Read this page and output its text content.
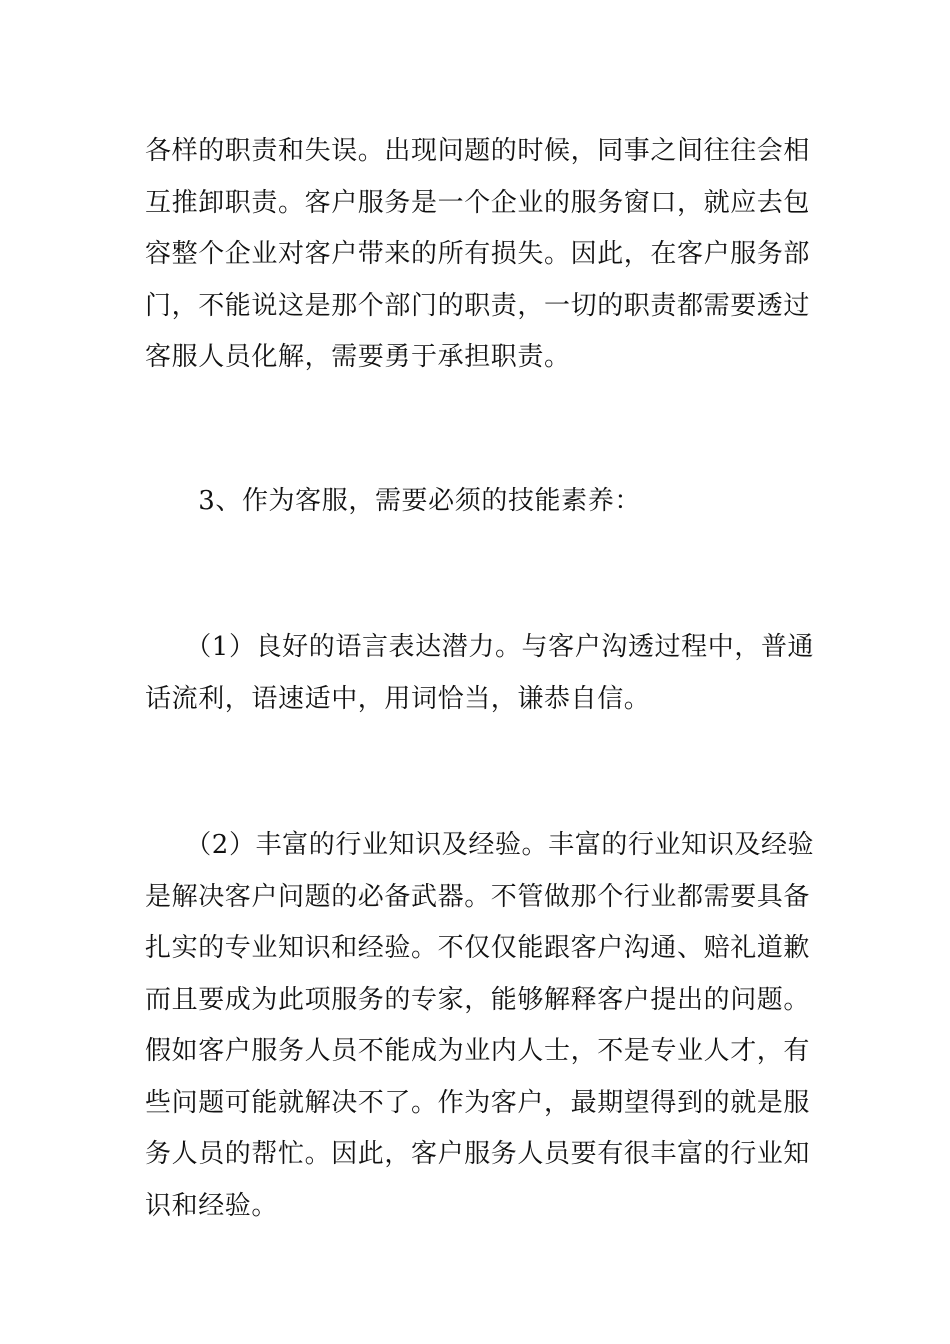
各样的职责和失误。出现问题的时候，同事之间往往会相
互推卸职责。客户服务是一个企业的服务窗口，就应去包
容整个企业对客户带来的所有损失。因此，在客户服务部
门，不能说这是那个部门的职责，一切的职责都需要透过
客服人员化解，需要勇于承担职责。
　　3、作为客服，需要必须的技能素养：
　　（1）良好的语言表达潜力。与客户沟透过程中，普通
话流利，语速适中，用词恰当，谦恭自信。
　　（2）丰富的行业知识及经验。丰富的行业知识及经验
是解决客户问题的必备武器。不管做那个行业都需要具备
扎实的专业知识和经验。不仅仅能跟客户沟通、赔礼道歉
而且要成为此项服务的专家，能够解释客户提出的问题。
假如客户服务人员不能成为业内人士，不是专业人才，有
些问题可能就解决不了。作为客户，最期望得到的就是服
务人员的帮忙。因此，客户服务人员要有很丰富的行业知
识和经验。
